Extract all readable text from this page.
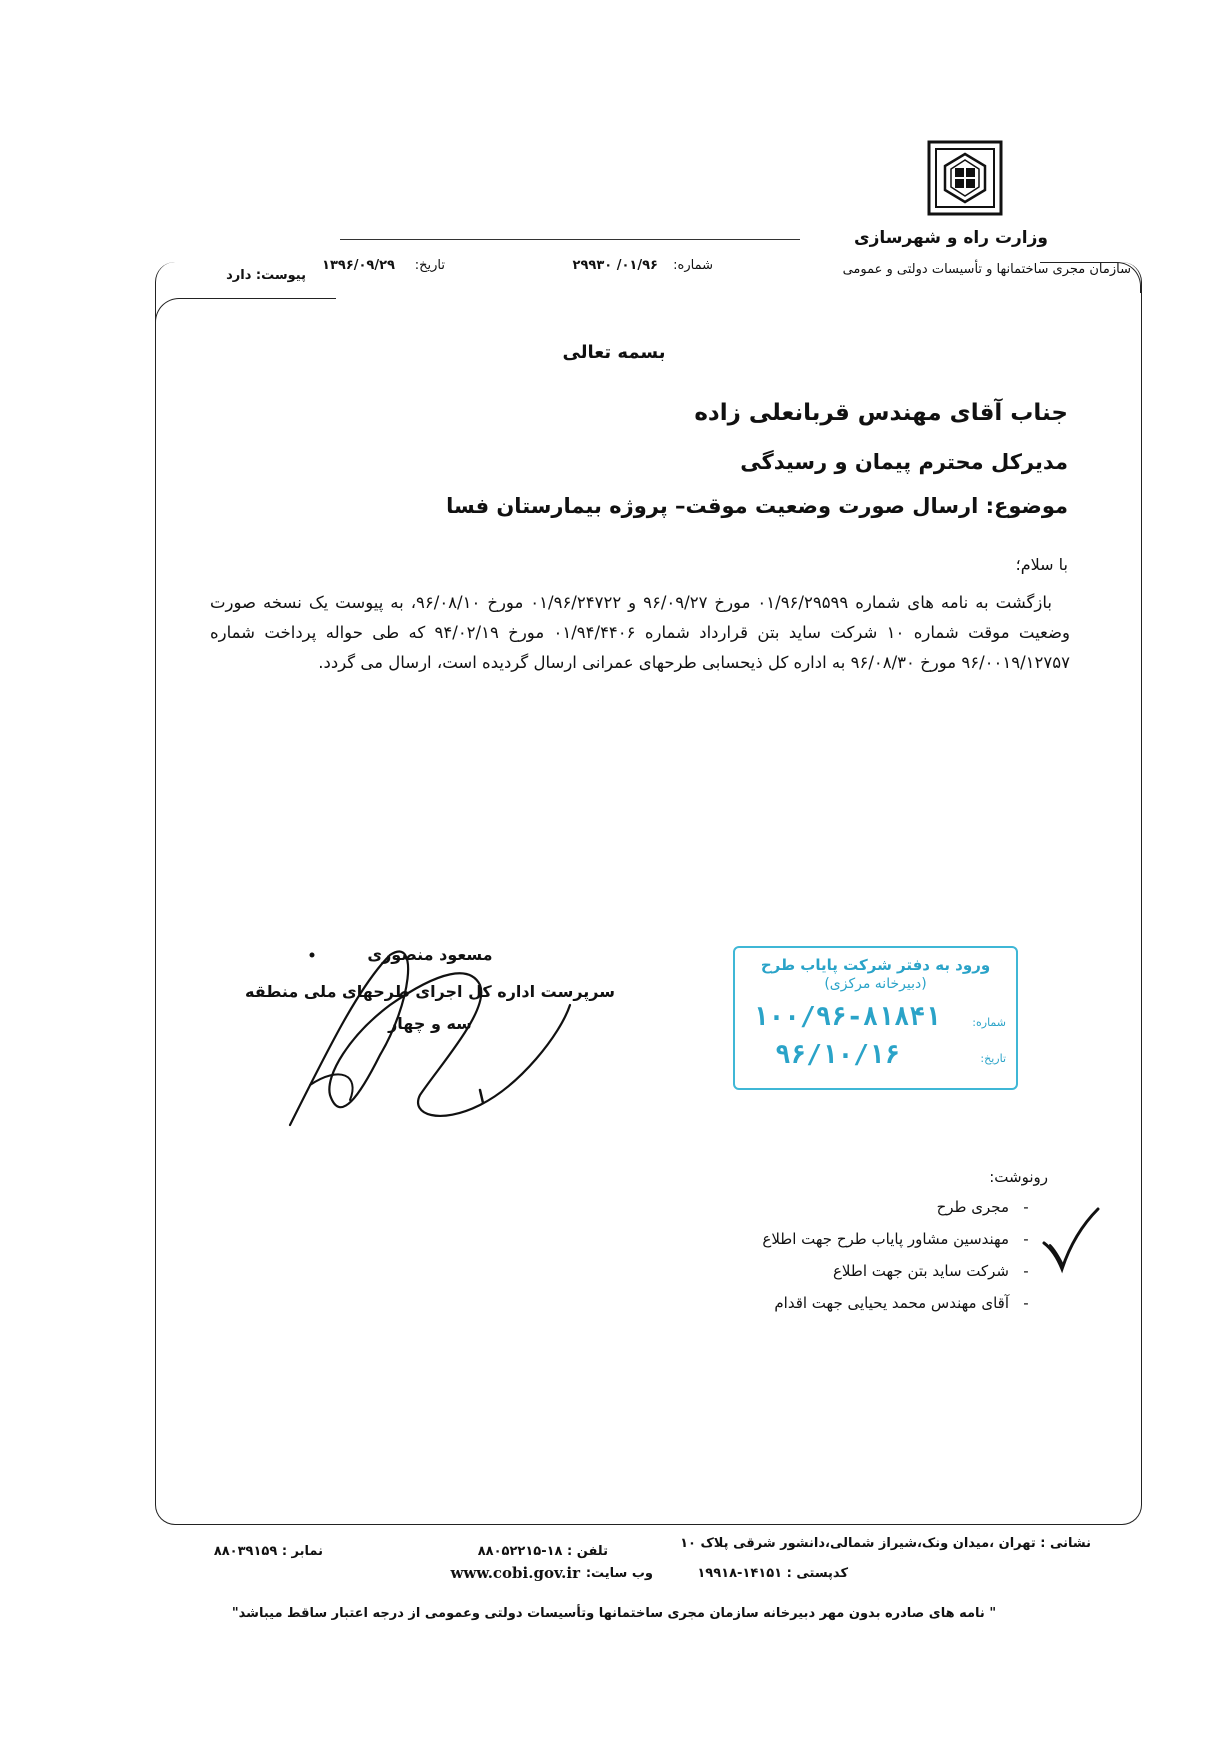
وزارت راه و شهرسازی
سازمان مجری ساختمانها و تأسیسات دولتی و عمومی
شماره:
۰۱/۹۶/ ۲۹۹۳۰
تاریخ:
۱۳۹۶/۰۹/۲۹
پیوست: دارد
بسمه تعالی
جناب آقای مهندس قربانعلی زاده
مدیرکل محترم پیمان و رسیدگی
موضوع: ارسال صورت وضعیت موقت– پروژه بیمارستان فسا
با سلام؛
بازگشت به نامه های شماره ۰۱/۹۶/۲۹۵۹۹ مورخ ۹۶/۰۹/۲۷ و ۰۱/۹۶/۲۴۷۲۲ مورخ ۹۶/۰۸/۱۰، به پیوست یک نسخه صورت وضعیت موقت شماره ۱۰ شرکت ساید بتن قرارداد شماره ۰۱/۹۴/۴۴۰۶ مورخ ۹۴/۰۲/۱۹ که طی حواله پرداخت شماره ۹۶/۰۰۱۹/۱۲۷۵۷ مورخ ۹۶/۰۸/۳۰ به اداره کل ذیحسابی طرحهای عمرانی ارسال گردیده است، ارسال می گردد.
مسعود منصوری
سرپرست اداره کل اجرای طرحهای ملی منطقه
سه و چهار
ورود به دفتر شرکت پایاب طرح
(دبیرخانه مرکزی)
شماره:
۱۰۰/۹۶-۸۱۸۴۱
تاریخ:
۹۶/۱۰/۱۶
رونوشت:
-مجری طرح
-مهندسین مشاور پایاب طرح جهت اطلاع
-شرکت ساید بتن جهت اطلاع
-آقای مهندس محمد یحیایی جهت اقدام
نشانی : تهران ،میدان ونک،شیراز شمالی،دانشور شرقی پلاک ۱۰
تلفن : ۱۸-۸۸۰۵۲۲۱۵
نمابر : ۸۸۰۳۹۱۵۹
کدپستی : ۱۴۱۵۱-۱۹۹۱۸
وب سایت:
www.cobi.gov.ir
" نامه های صادره بدون مهر دبیرخانه سازمان مجری ساختمانها وتأسیسات دولتی وعمومی از درجه اعتبار ساقط میباشد"
